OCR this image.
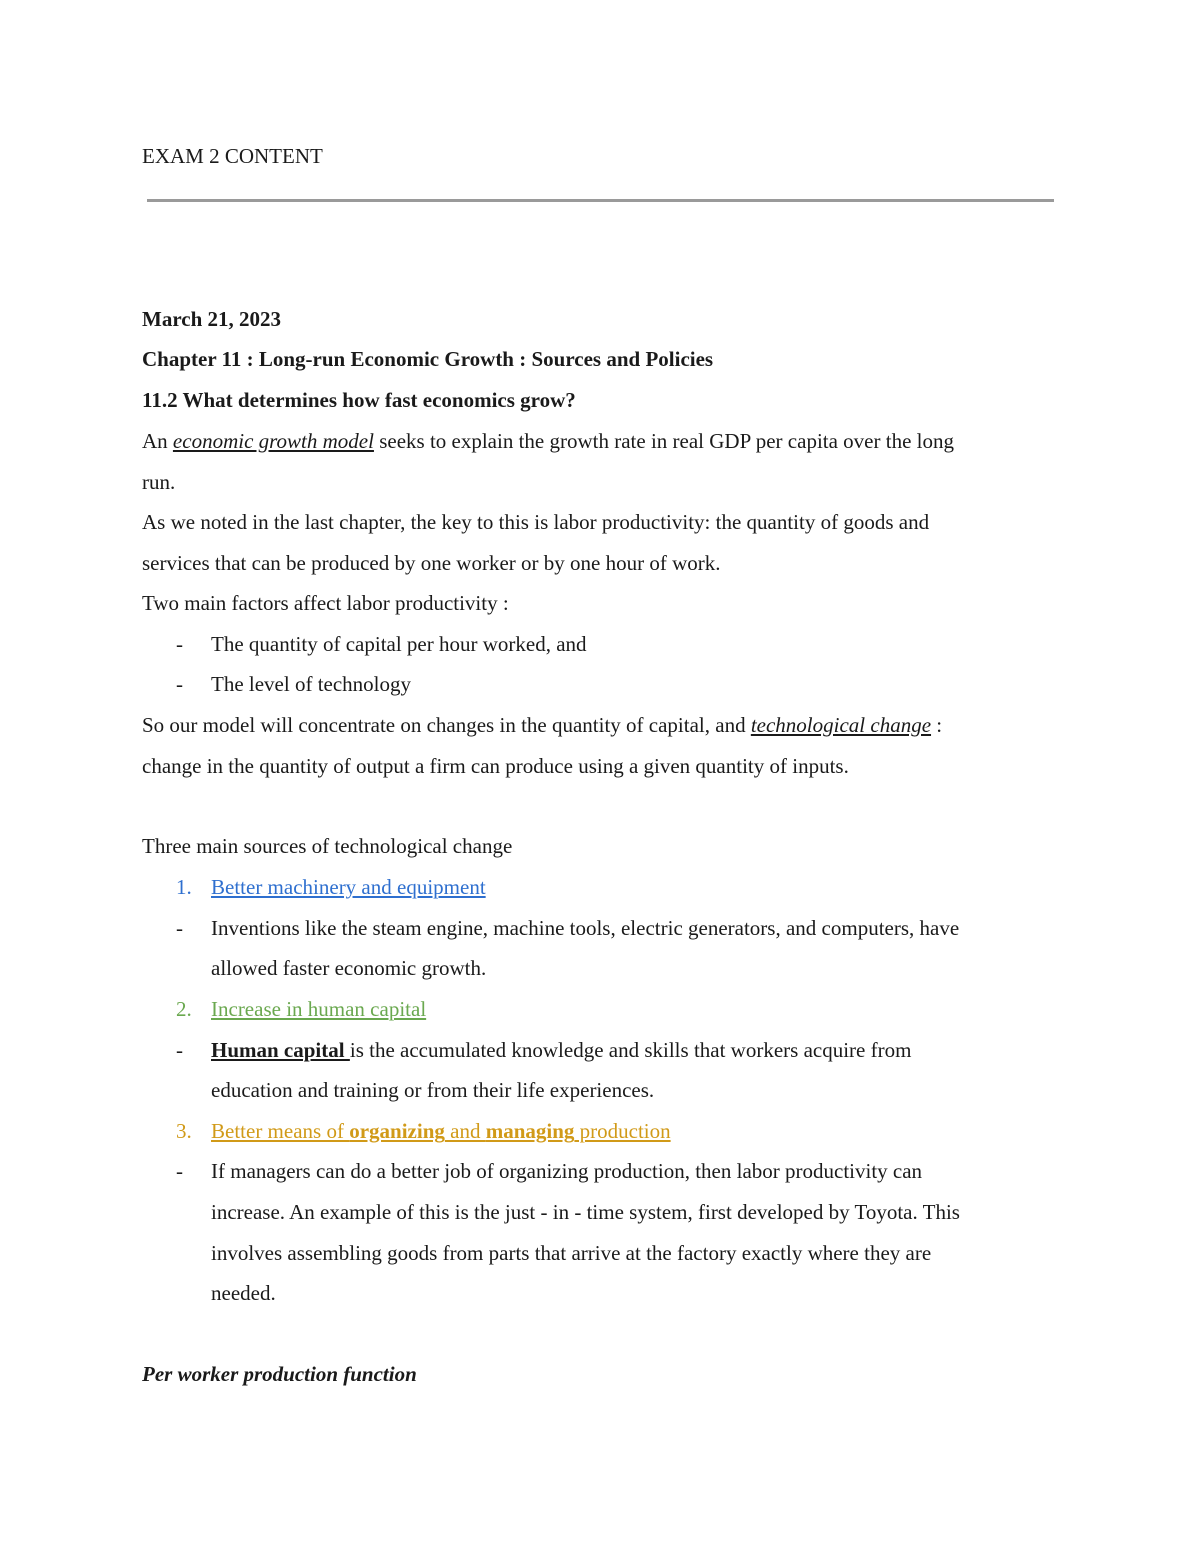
EXAM 2 CONTENT
March 21, 2023
Chapter 11 : Long-run Economic Growth : Sources and Policies
11.2 What determines how fast economics grow?
An economic growth model seeks to explain the growth rate in real GDP per capita over the long
run.
As we noted in the last chapter, the key to this is labor productivity: the quantity of goods and
services that can be produced by one worker or by one hour of work.
Two main factors affect labor productivity :
- The quantity of capital per hour worked, and
- The level of technology
So our model will concentrate on changes in the quantity of capital, and technological change :
change in the quantity of output a firm can produce using a given quantity of inputs.
Three main sources of technological change
1. Better machinery and equipment
- Inventions like the steam engine, machine tools, electric generators, and computers, have
allowed faster economic growth.
2. Increase in human capital
- Human capital is the accumulated knowledge and skills that workers acquire from
education and training or from their life experiences.
3. Better means of organizing and managing production
- If managers can do a better job of organizing production, then labor productivity can
increase. An example of this is the just - in - time system, first developed by Toyota. This
involves assembling goods from parts that arrive at the factory exactly where they are
needed.
Per worker production function
